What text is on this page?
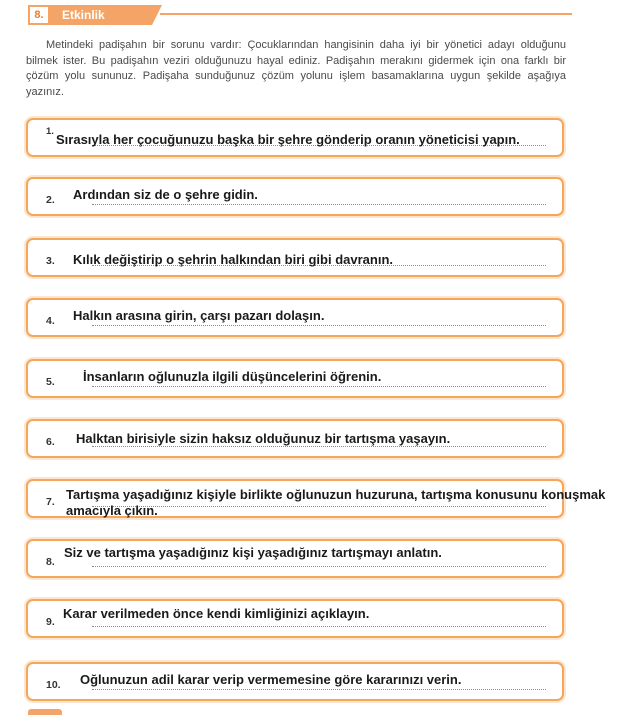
8.	Etkinlik

Metindeki padişahın bir sorunu vardır: Çocuklarından hangisinin daha iyi bir yönetici adayı olduğunu bilmek ister. Bu padişahın veziri olduğunuzu hayal ediniz. Padişahın merakını gidermek için ona farklı bir çözüm yolu sununuz. Padişaha sunduğunuz çözüm yolunu işlem basamaklarına uygun şekilde aşağıya yazınız.

1.
Sırasıyla her çocuğunuzu başka bir şehre gönderip oranın yöneticisi yapın.
2. Ardından siz de o şehre gidin.
3. Kılık değiştirip o şehrin halkından biri gibi davranın.
4. Halkın arasına girin, çarşı pazarı dolaşın.
5. İnsanların oğlunuzla ilgili düşüncelerini öğrenin.
6. Halktan birisiyle sizin haksız olduğunuz bir tartışma yaşayın.
7. Tartışma yaşadığınız kişiyle birlikte oğlunuzun huzuruna, tartışma konusunu konuşmak amacıyla çıkın.
8.
Siz ve tartışma yaşadığınız kişi yaşadığınız tartışmayı anlatın.
9.
Karar verilmeden önce kendi kimliğinizi açıklayın.
10. Oğlunuzun adil karar verip vermemesine göre kararınızı verin.
